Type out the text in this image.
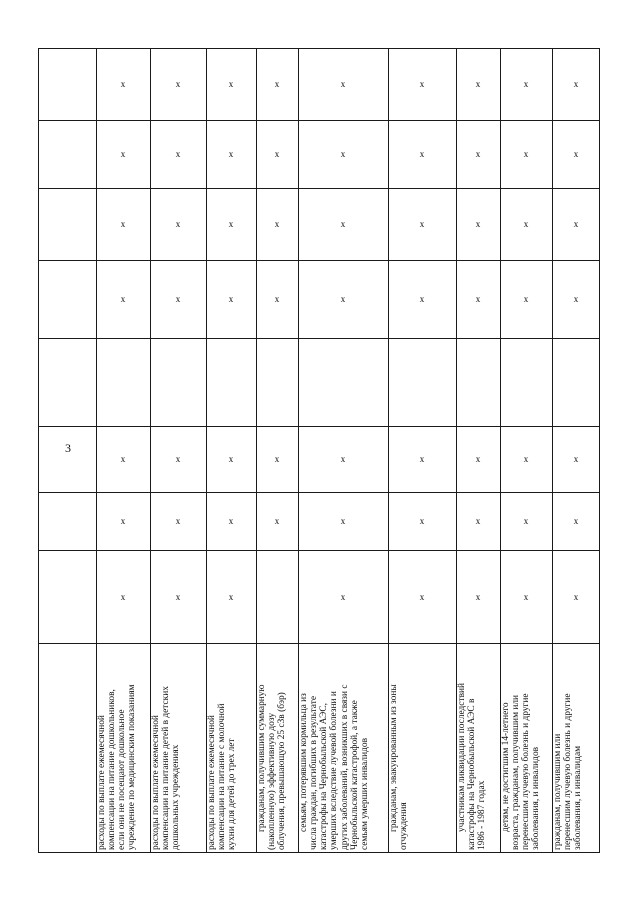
3
гражданам, получившим или перенесшим лучевую болезнь и другие заболевания, и инвалидам
x
x
x
x
x
x
x
детям, не достигшим 14-летнего возраста, гражданам, получившим или перенесшим лучевую болезнь и другие заболевания, и инвалидов
x
x
x
x
x
x
x
участникам ликвидации последствий катастрофы на Чернобыльской АЭС в 1986 - 1987 годах
x
x
x
x
x
x
x
гражданам, эвакуированным из зоны отчуждения
x
x
x
x
x
x
x
семьям, потерявшим кормильца из числа граждан, погибших в результате катастрофы на Чернобыльской АЭС, умерших вследствие лучевой болезни и других заболеваний, возникших в связи с Чернобыльской катастрофой, а также семьям умерших инвалидов
x
x
x
x
x
x
x
гражданам, получившим суммарную (накопленную) эффективную дозу облучения, превышающую 25 сЗв (бэр)
x
x
x
x
x
x
расходы по выплате ежемесячной компенсации на питание с молочной кухни для детей до трех лет
x
x
x
x
x
x
x
расходы по выплате ежемесячной компенсации на питание детей в детских дошкольных учреждениях
x
x
x
x
x
x
x
расходы по выплате ежемесячной компенсации на питание дошкольников, если они не посещают дошкольное учреждение по медицинским показаниям
x
x
x
x
x
x
x
